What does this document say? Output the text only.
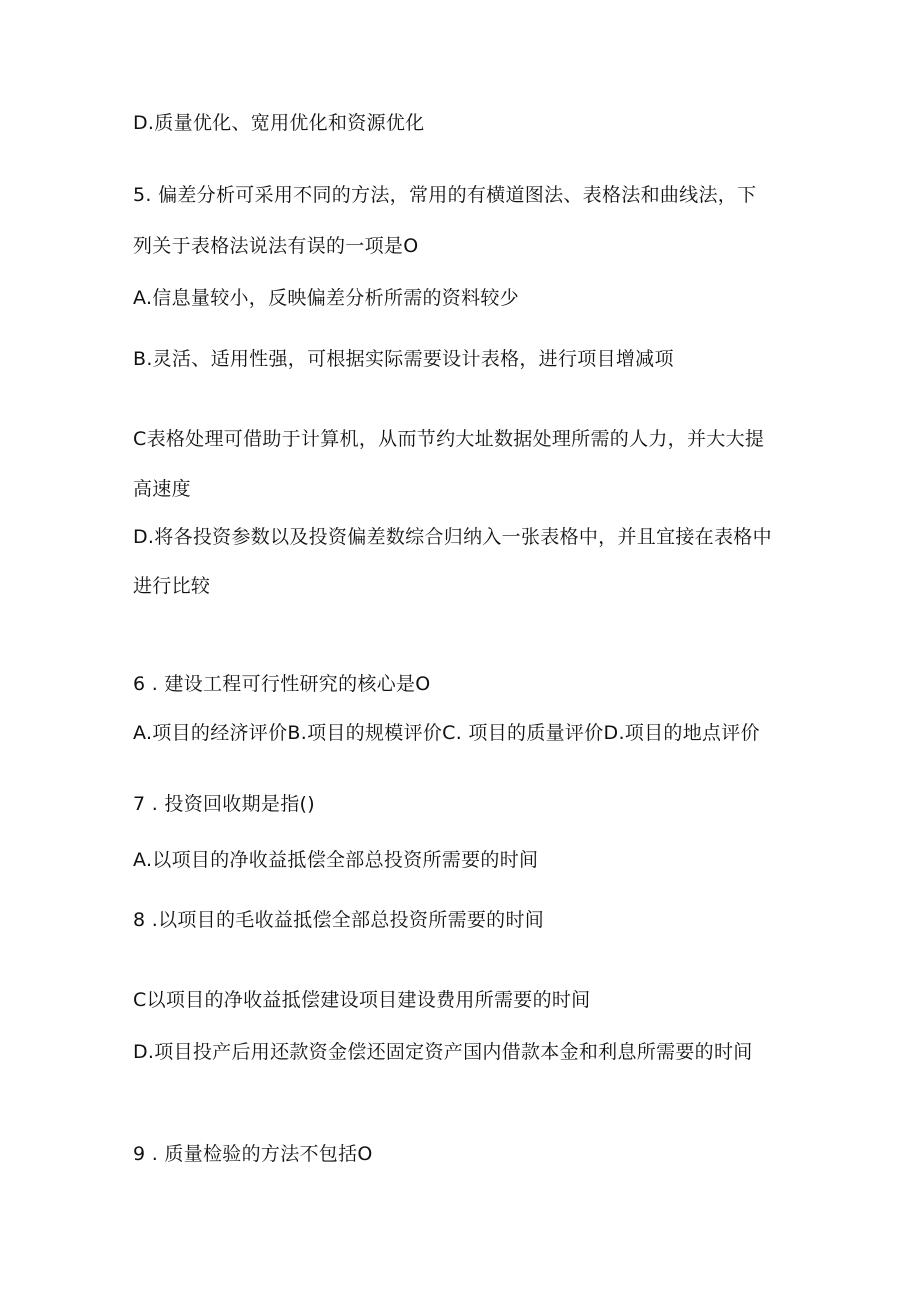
D.质量优化、宽用优化和资源优化
5. 偏差分析可采用不同的方法，常用的有横道图法、表格法和曲线法，下
列关于表格法说法有误的一项是O
A.信息量较小，反映偏差分析所需的资料较少
B.灵活、适用性强，可根据实际需要设计表格，进行项目增减项
C表格处理可借助于计算机，从而节约大址数据处理所需的人力，并大大提
高速度
D.将各投资参数以及投资偏差数综合归纳入一张表格中，并且宜接在表格中
进行比较
6 . 建设工程可行性研究的核心是O
A.项目的经济评价B.项目的规模评价C. 项目的质量评价D.项目的地点评价
7 . 投资回收期是指()
A.以项目的净收益抵偿全部总投资所需要的时间
8 .以项目的毛收益抵偿全部总投资所需要的时间
C以项目的净收益抵偿建设项目建设费用所需要的时间
D.项目投产后用还款资金偿还固定资产国内借款本金和利息所需要的时间
9 . 质量检验的方法不包括O
